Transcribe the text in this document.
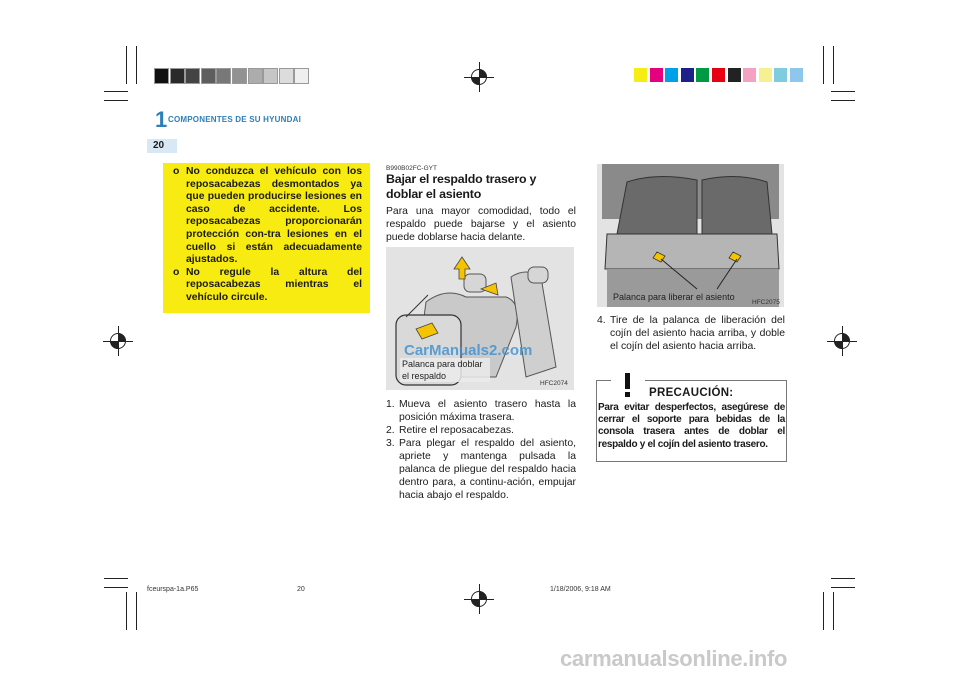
1 COMPONENTES DE SU HYUNDAI
20
o No conduzca el vehículo con los reposacabezas desmontados ya que pueden producirse lesiones en caso de accidente. Los reposacabezas proporcionarán protección con-tra lesiones en el cuello si están adecuadamente ajustados.
o No regule la altura del reposacabezas mientras el vehículo circule.
B990B02FC-GYT
Bajar el respaldo trasero y doblar el asiento
Para una mayor comodidad, todo el respaldo puede bajarse y el asiento puede doblarse hacia delante.
Palanca para doblar el respaldo
HFC2074
CarManuals2.com
1. Mueva el asiento trasero hasta la posición máxima trasera.
2. Retire el reposacabezas.
3. Para plegar el respaldo del asiento, apriete y mantenga pulsada la palanca de pliegue del respaldo hacia dentro para, a continu-ación, empujar hacia abajo el respaldo.
Palanca para liberar el asiento
HFC2075
4. Tire de la palanca de liberación del cojín del asiento hacia arriba, y doble el cojín del asiento hacia arriba.
PRECAUCIÓN:
Para evitar desperfectos, asegúrese de cerrar el soporte para bebidas de la consola trasera antes de doblar el respaldo y el cojín del asiento trasero.
fceurspa-1a.P65	20	1/18/2006, 9:18 AM
carmanualsonline.info
